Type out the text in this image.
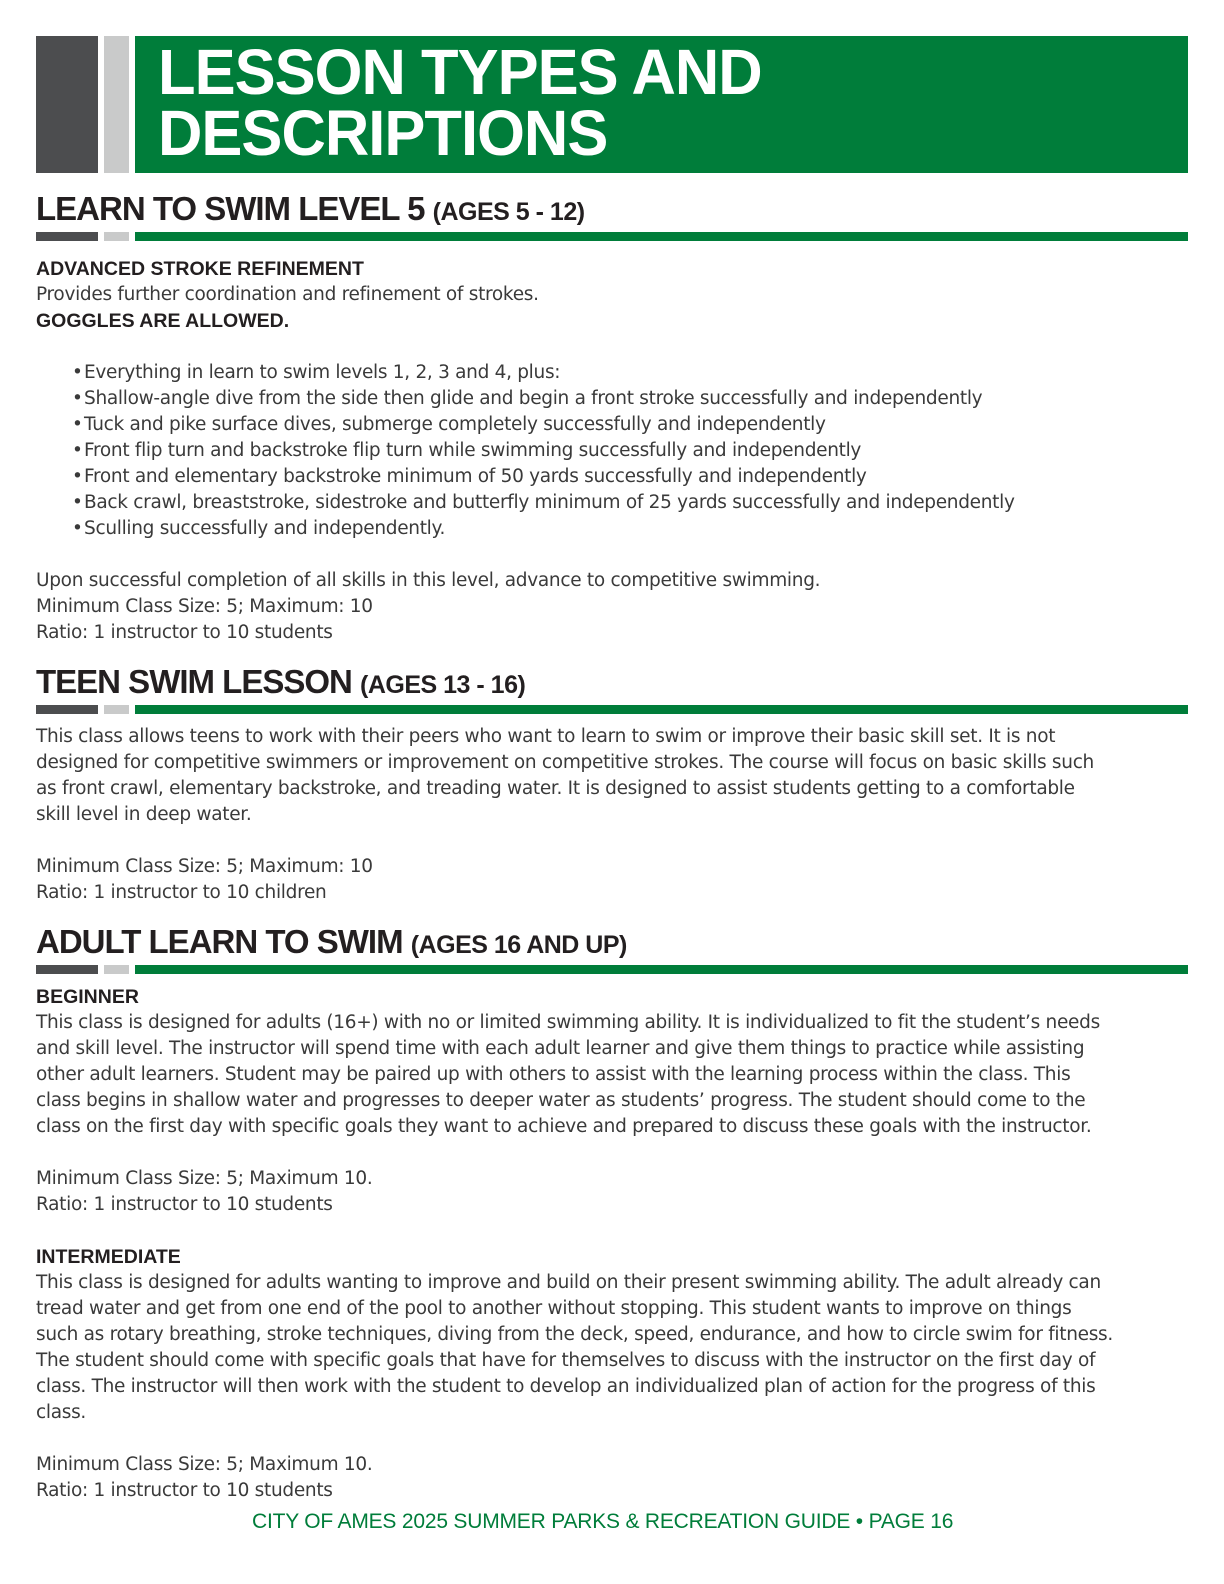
LESSON TYPES AND
DESCRIPTIONS
LEARN TO SWIM LEVEL 5 (AGES 5 - 12)

ADVANCED STROKE REFINEMENT

Provides further coordination and refinement of strokes.

GOGGLES ARE ALLOWED.

•Everything in learn to swim levels 1, 2, 3 and 4, plus:
•Shallow-angle dive from the side then glide and begin a front stroke successfully and independently
•Tuck and pike surface dives, submerge completely successfully and independently
•Front flip turn and backstroke flip turn while swimming successfully and independently
•Front and elementary backstroke minimum of 50 yards successfully and independently
•Back crawl, breaststroke, sidestroke and butterfly minimum of 25 yards successfully and independently
•Sculling successfully and independently.

Upon successful completion of all skills in this level, advance to competitive swimming.

Minimum Class Size: 5; Maximum: 10

Ratio: 1 instructor to 10 students

TEEN SWIM LESSON (AGES 13 - 16)

This class allows teens to work with their peers who want to learn to swim or improve their basic skill set. It is not

designed for competitive swimmers or improvement on competitive strokes. The course will focus on basic skills such

as front crawl, elementary backstroke, and treading water. It is designed to assist students getting to a comfortable

skill level in deep water.

Minimum Class Size: 5; Maximum: 10

Ratio: 1 instructor to 10 children

ADULT LEARN TO SWIM (AGES 16 AND UP)

BEGINNER

This class is designed for adults (16+) with no or limited swimming ability. It is individualized to fit the student’s needs

and skill level. The instructor will spend time with each adult learner and give them things to practice while assisting

other adult learners. Student may be paired up with others to assist with the learning process within the class. This

class begins in shallow water and progresses to deeper water as students’ progress. The student should come to the

class on the first day with specific goals they want to achieve and prepared to discuss these goals with the instructor.

Minimum Class Size: 5; Maximum 10.

Ratio: 1 instructor to 10 students

INTERMEDIATE

This class is designed for adults wanting to improve and build on their present swimming ability. The adult already can

tread water and get from one end of the pool to another without stopping. This student wants to improve on things

such as rotary breathing, stroke techniques, diving from the deck, speed, endurance, and how to circle swim for fitness.

The student should come with specific goals that have for themselves to discuss with the instructor on the first day of

class. The instructor will then work with the student to develop an individualized plan of action for the progress of this

class.

Minimum Class Size: 5; Maximum 10.

Ratio: 1 instructor to 10 students

CITY OF AMES 2025 SUMMER PARKS & RECREATION GUIDE • PAGE 16
